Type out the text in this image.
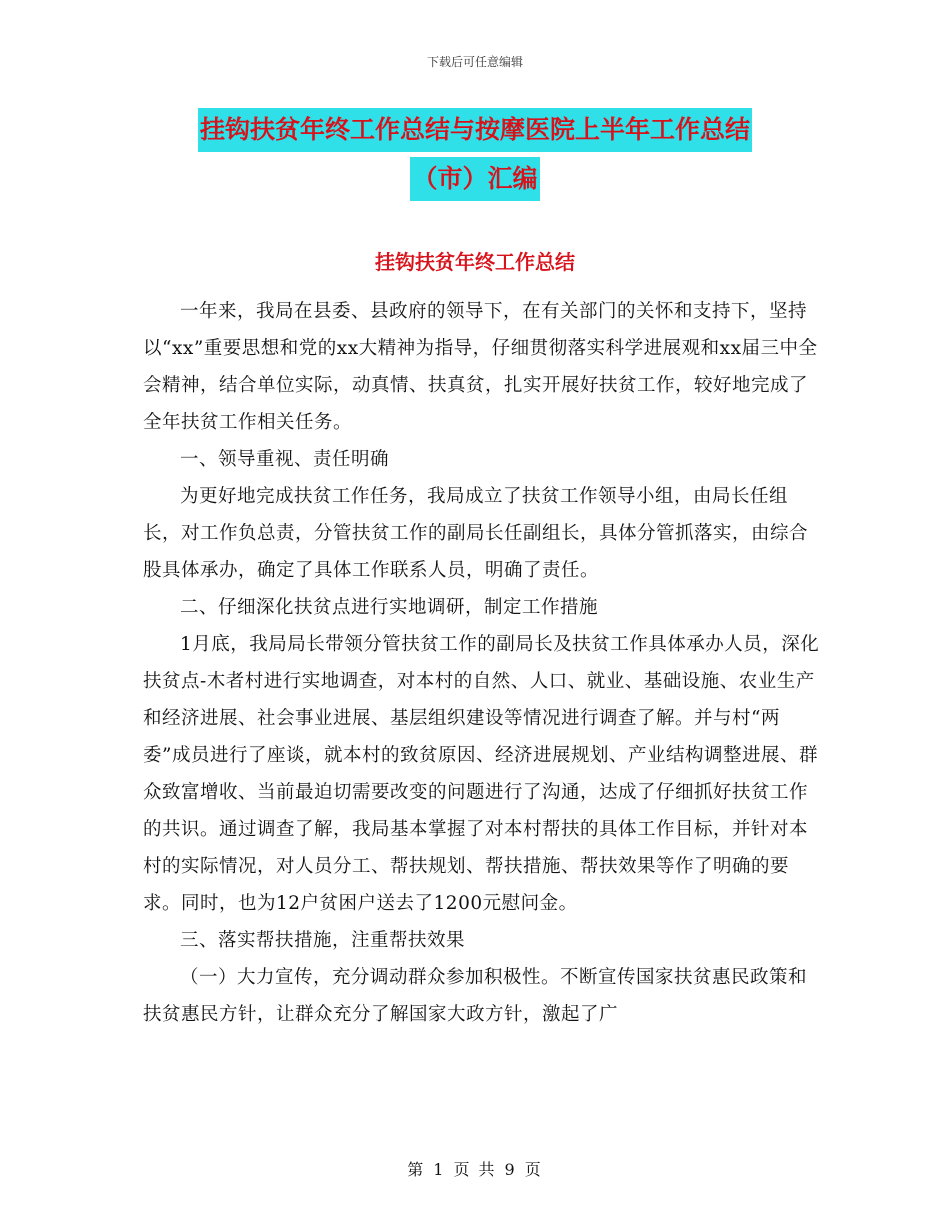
下载后可任意编辑
挂钩扶贫年终工作总结与按摩医院上半年工作总结
（市）汇编
挂钩扶贫年终工作总结

一年来，我局在县委、县政府的领导下，在有关部门的关怀和支持下，坚持以“xx”重要思想和党的xx大精神为指导，仔细贯彻落实科学进展观和xx届三中全会精神，结合单位实际，动真情、扶真贫，扎实开展好扶贫工作，较好地完成了全年扶贫工作相关任务。

一、领导重视、责任明确

为更好地完成扶贫工作任务，我局成立了扶贫工作领导小组，由局长任组长，对工作负总责，分管扶贫工作的副局长任副组长，具体分管抓落实，由综合股具体承办，确定了具体工作联系人员，明确了责任。

二、仔细深化扶贫点进行实地调研，制定工作措施

1月底，我局局长带领分管扶贫工作的副局长及扶贫工作具体承办人员，深化扶贫点-木者村进行实地调查，对本村的自然、人口、就业、基础设施、农业生产和经济进展、社会事业进展、基层组织建设等情况进行调查了解。并与村“两委”成员进行了座谈，就本村的致贫原因、经济进展规划、产业结构调整进展、群众致富增收、当前最迫切需要改变的问题进行了沟通，达成了仔细抓好扶贫工作的共识。通过调查了解，我局基本掌握了对本村帮扶的具体工作目标，并针对本村的实际情况，对人员分工、帮扶规划、帮扶措施、帮扶效果等作了明确的要求。同时，也为12户贫困户送去了1200元慰问金。

三、落实帮扶措施，注重帮扶效果

（一）大力宣传，充分调动群众参加积极性。不断宣传国家扶贫惠民政策和扶贫惠民方针，让群众充分了解国家大政方针，激起了广

第 1 页 共 9 页
